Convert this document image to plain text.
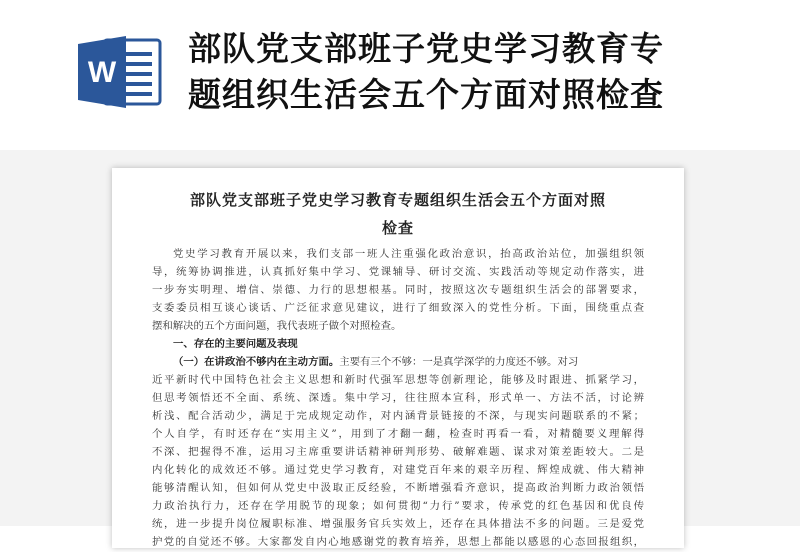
W
部队党支部班子党史学习教育专
题组织生活会五个方面对照检查
部队党支部班子党史学习教育专题组织生活会五个方面对照
检查
党史学习教育开展以来，我们支部一班人注重强化政治意识，抬高政治站位，加强组织领
导，统筹协调推进，认真抓好集中学习、党课辅导、研讨交流、实践活动等规定动作落实，进
一步夯实明理、增信、崇德、力行的思想根基。同时，按照这次专题组织生活会的部署要求，
支委委员相互谈心谈话、广泛征求意见建议，进行了细致深入的党性分析。下面，围绕重点查
摆和解决的五个方面问题，我代表班子做个对照检查。
一、存在的主要问题及表现
（一）在讲政治不够内在主动方面。主要有三个不够：一是真学深学的力度还不够。对习
近平新时代中国特色社会主义思想和新时代强军思想等创新理论，能够及时跟进、抓紧学习，
但思考领悟还不全面、系统、深透。集中学习，往往照本宣科，形式单一、方法不活，讨论辨
析浅、配合活动少，满足于完成规定动作，对内涵背景链接的不深，与现实问题联系的不紧；
个人自学，有时还存在“实用主义”，用到了才翻一翻，检查时再看一看，对精髓要义理解得
不深、把握得不准，运用习主席重要讲话精神研判形势、破解难题、谋求对策差距较大。二是
内化转化的成效还不够。通过党史学习教育，对建党百年来的艰辛历程、辉煌成就、伟大精神
能够清醒认知，但如何从党史中汲取正反经验，不断增强看齐意识，提高政治判断力政治领悟
力政治执行力，还存在学用脱节的现象；如何贯彻“力行”要求，传承党的红色基因和优良传
统，进一步提升岗位履职标准、增强服务官兵实效上，还存在具体措法不多的问题。三是爱党
护党的自觉还不够。大家都发自内心地感谢党的教育培养，思想上都能以感恩的心态回报组织，
